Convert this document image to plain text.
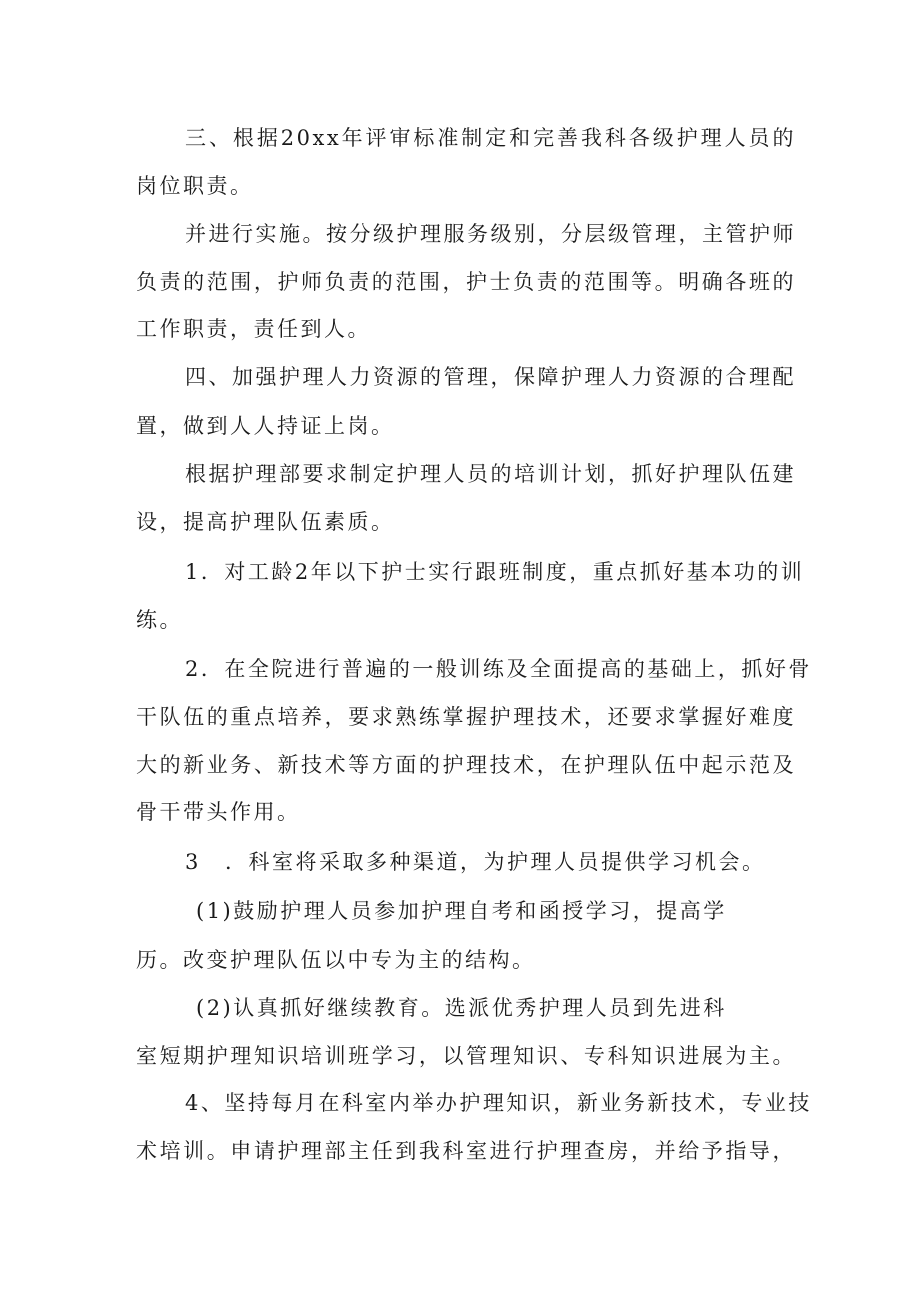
三、根据20xx年评审标准制定和完善我科各级护理人员的
岗位职责。
并进行实施。按分级护理服务级别，分层级管理，主管护师
负责的范围，护师负责的范围，护士负责的范围等。明确各班的
工作职责，责任到人。
四、加强护理人力资源的管理，保障护理人力资源的合理配
置，做到人人持证上岗。
根据护理部要求制定护理人员的培训计划，抓好护理队伍建
设，提高护理队伍素质。
1．对工龄2年以下护士实行跟班制度，重点抓好基本功的训
练。
2．在全院进行普遍的一般训练及全面提高的基础上，抓好骨
干队伍的重点培养，要求熟练掌握护理技术，还要求掌握好难度
大的新业务、新技术等方面的护理技术，在护理队伍中起示范及
骨干带头作用。
3 ．科室将采取多种渠道，为护理人员提供学习机会。
(1)鼓励护理人员参加护理自考和函授学习，提高学
历。改变护理队伍以中专为主的结构。
(2)认真抓好继续教育。选派优秀护理人员到先进科
室短期护理知识培训班学习，以管理知识、专科知识进展为主。
4、坚持每月在科室内举办护理知识，新业务新技术，专业技
术培训。申请护理部主任到我科室进行护理查房，并给予指导，
